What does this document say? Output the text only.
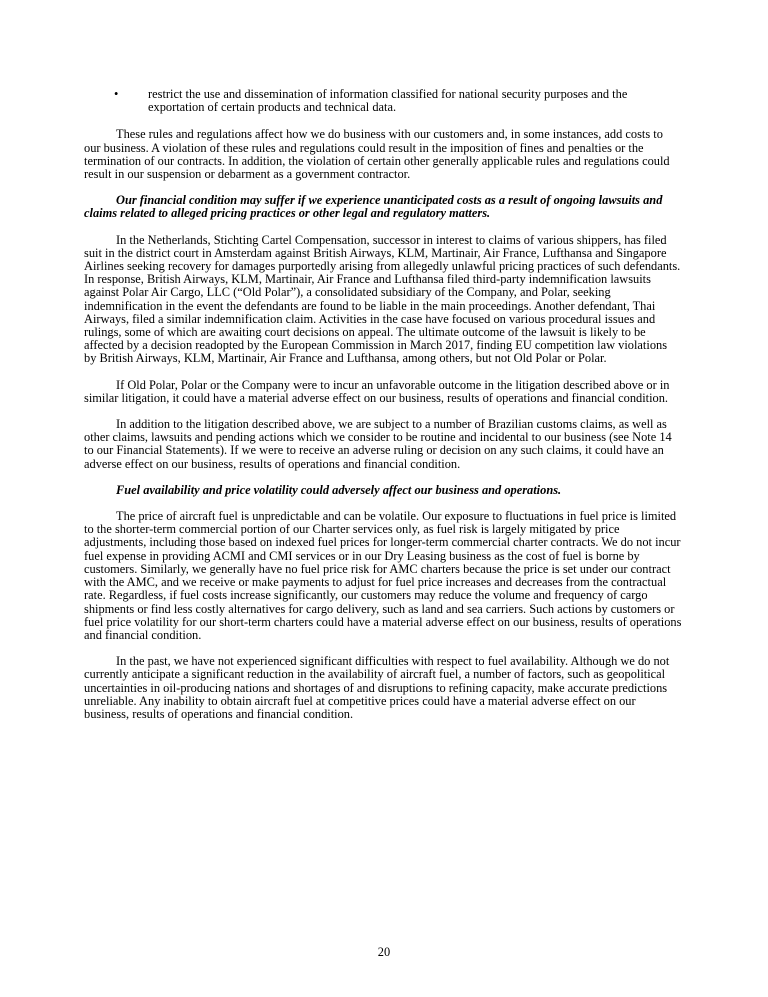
• restrict the use and dissemination of information classified for national security purposes and the exportation of certain products and technical data.

These rules and regulations affect how we do business with our customers and, in some instances, add costs to our business. A violation of these rules and regulations could result in the imposition of fines and penalties or the termination of our contracts. In addition, the violation of certain other generally applicable rules and regulations could result in our suspension or debarment as a government contractor.

Our financial condition may suffer if we experience unanticipated costs as a result of ongoing lawsuits and claims related to alleged pricing practices or other legal and regulatory matters.

In the Netherlands, Stichting Cartel Compensation, successor in interest to claims of various shippers, has filed suit in the district court in Amsterdam against British Airways, KLM, Martinair, Air France, Lufthansa and Singapore Airlines seeking recovery for damages purportedly arising from allegedly unlawful pricing practices of such defendants. In response, British Airways, KLM, Martinair, Air France and Lufthansa filed third-party indemnification lawsuits against Polar Air Cargo, LLC (“Old Polar”), a consolidated subsidiary of the Company, and Polar, seeking indemnification in the event the defendants are found to be liable in the main proceedings. Another defendant, Thai Airways, filed a similar indemnification claim. Activities in the case have focused on various procedural issues and rulings, some of which are awaiting court decisions on appeal. The ultimate outcome of the lawsuit is likely to be affected by a decision readopted by the European Commission in March 2017, finding EU competition law violations by British Airways, KLM, Martinair, Air France and Lufthansa, among others, but not Old Polar or Polar.

If Old Polar, Polar or the Company were to incur an unfavorable outcome in the litigation described above or in similar litigation, it could have a material adverse effect on our business, results of operations and financial condition.

In addition to the litigation described above, we are subject to a number of Brazilian customs claims, as well as other claims, lawsuits and pending actions which we consider to be routine and incidental to our business (see Note 14 to our Financial Statements). If we were to receive an adverse ruling or decision on any such claims, it could have an adverse effect on our business, results of operations and financial condition.

Fuel availability and price volatility could adversely affect our business and operations.

The price of aircraft fuel is unpredictable and can be volatile. Our exposure to fluctuations in fuel price is limited to the shorter-term commercial portion of our Charter services only, as fuel risk is largely mitigated by price adjustments, including those based on indexed fuel prices for longer-term commercial charter contracts. We do not incur fuel expense in providing ACMI and CMI services or in our Dry Leasing business as the cost of fuel is borne by customers. Similarly, we generally have no fuel price risk for AMC charters because the price is set under our contract with the AMC, and we receive or make payments to adjust for fuel price increases and decreases from the contractual rate. Regardless, if fuel costs increase significantly, our customers may reduce the volume and frequency of cargo shipments or find less costly alternatives for cargo delivery, such as land and sea carriers. Such actions by customers or fuel price volatility for our short-term charters could have a material adverse effect on our business, results of operations and financial condition.

In the past, we have not experienced significant difficulties with respect to fuel availability. Although we do not currently anticipate a significant reduction in the availability of aircraft fuel, a number of factors, such as geopolitical uncertainties in oil-producing nations and shortages of and disruptions to refining capacity, make accurate predictions unreliable. Any inability to obtain aircraft fuel at competitive prices could have a material adverse effect on our business, results of operations and financial condition.

20
